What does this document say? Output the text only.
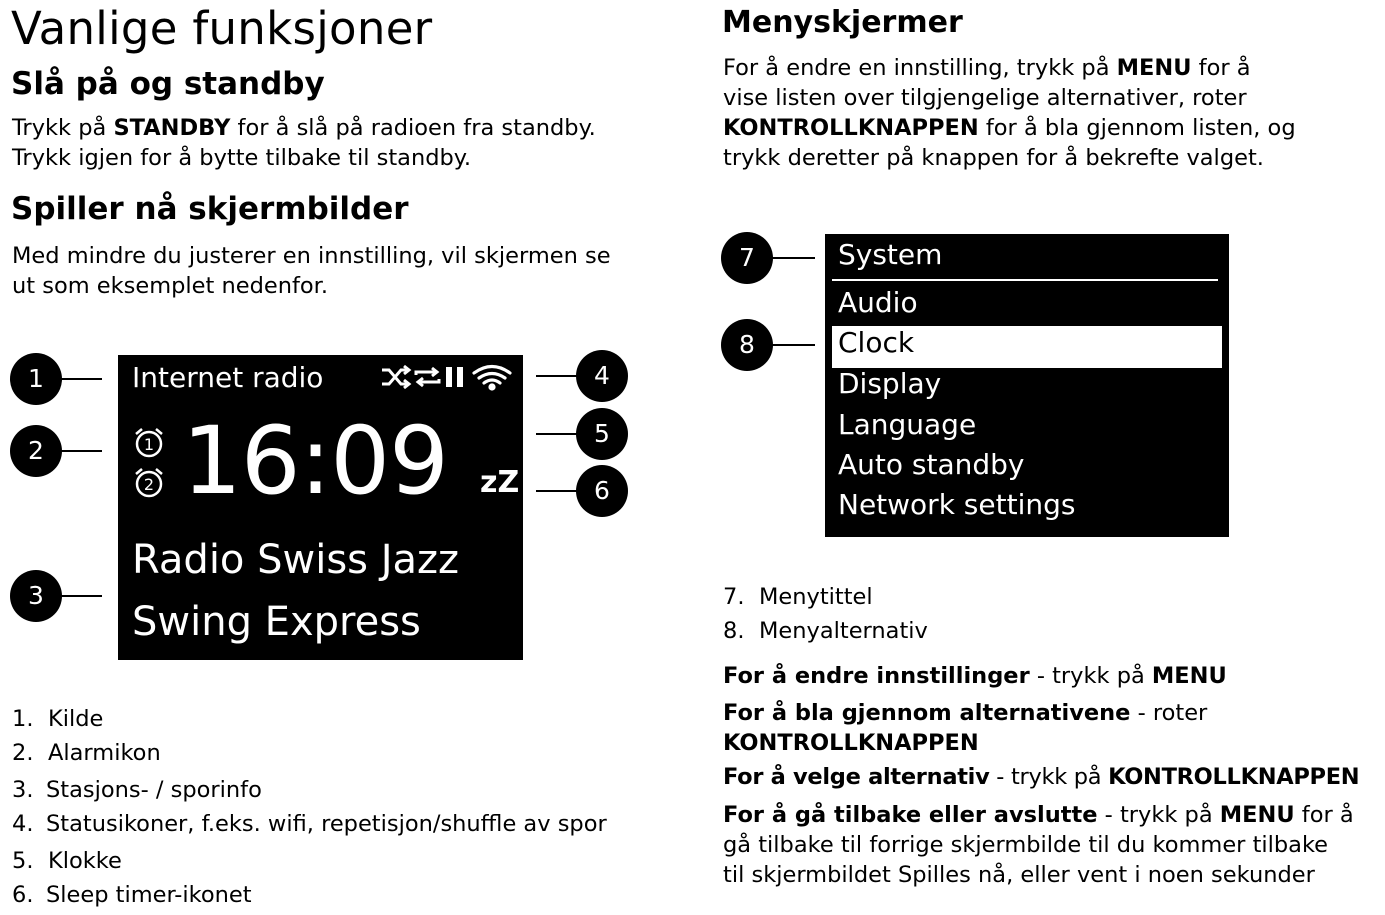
Vanlige funksjoner
Slå på og standby

Trykk på STANDBY for å slå på radioen fra standby.

Trykk igjen for å bytte tilbake til standby.

Spiller nå skjermbilder

Med mindre du justerer en innstilling, vil skjermen se

ut som eksemplet nedenfor.

Internet radio
1
2 16:09 zZ
Radio Swiss Jazz
Swing Express
1
2
3
4
5
6
1. Kilde
2. Alarmikon
3. Stasjons- / sporinfo
4. Statusikoner, f.eks. wifi, repetisjon/shuffle av spor
5. Klokke
6. Sleep timer-ikonet
Menyskjermer

For å endre en innstilling, trykk på MENU for å

vise listen over tilgjengelige alternativer, roter

KONTROLLKNAPPEN for å bla gjennom listen, og

trykk deretter på knappen for å bekrefte valget.

System
Audio
Clock
Display
Language
Auto standby
Network settings
7
8
7. Menytittel
8. Menyalternativ

For å endre innstillinger - trykk på MENU

For å bla gjennom alternativene - roter

KONTROLLKNAPPEN

For å velge alternativ - trykk på KONTROLLKNAPPEN

For å gå tilbake eller avslutte - trykk på MENU for å

gå tilbake til forrige skjermbilde til du kommer tilbake

til skjermbildet Spilles nå, eller vent i noen sekunder
